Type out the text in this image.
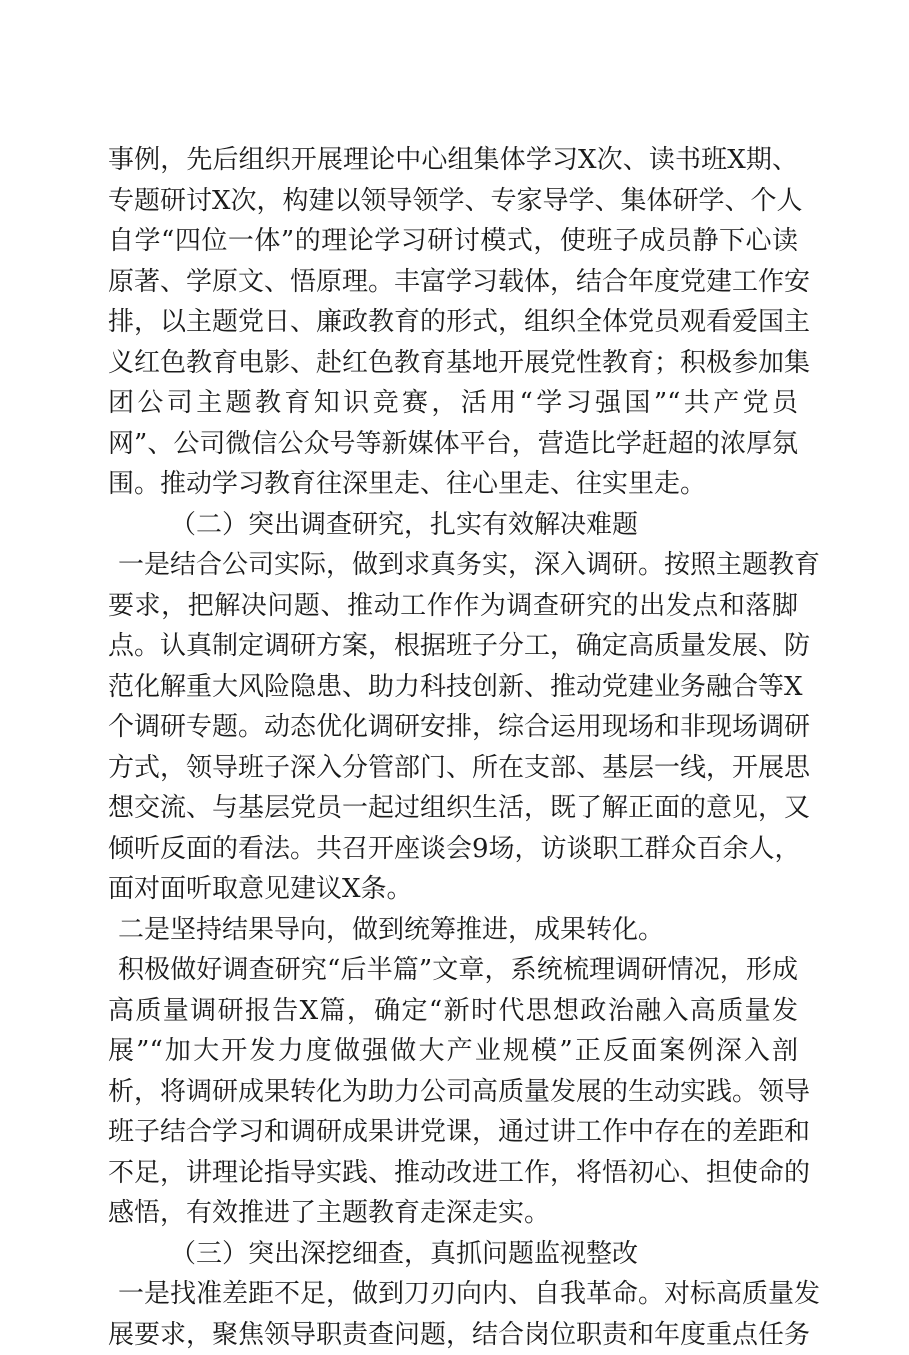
事例，先后组织开展理论中心组集体学习X次、读书班X期、
专题研讨X次，构建以领导领学、专家导学、集体研学、个人
自学“四位一体”的理论学习研讨模式，使班子成员静下心读
原著、学原文、悟原理。丰富学习载体，结合年度党建工作安
排，以主题党日、廉政教育的形式，组织全体党员观看爱国主
义红色教育电影、赴红色教育基地开展党性教育；积极参加集
团公司主题教育知识竞赛，活用“学习强国”“共产党员
网”、公司微信公众号等新媒体平台，营造比学赶超的浓厚氛
围。推动学习教育往深里走、往心里走、往实里走。
（二）突出调查研究，扎实有效解决难题
一是结合公司实际，做到求真务实，深入调研。按照主题教育
要求，把解决问题、推动工作作为调查研究的出发点和落脚
点。认真制定调研方案，根据班子分工，确定高质量发展、防
范化解重大风险隐患、助力科技创新、推动党建业务融合等X
个调研专题。动态优化调研安排，综合运用现场和非现场调研
方式，领导班子深入分管部门、所在支部、基层一线，开展思
想交流、与基层党员一起过组织生活，既了解正面的意见，又
倾听反面的看法。共召开座谈会9场，访谈职工群众百余人，
面对面听取意见建议X条。
二是坚持结果导向，做到统筹推进，成果转化。
积极做好调查研究“后半篇”文章，系统梳理调研情况，形成
高质量调研报告X篇，确定“新时代思想政治融入高质量发
展”“加大开发力度做强做大产业规模”正反面案例深入剖
析，将调研成果转化为助力公司高质量发展的生动实践。领导
班子结合学习和调研成果讲党课，通过讲工作中存在的差距和
不足，讲理论指导实践、推动改进工作，将悟初心、担使命的
感悟，有效推进了主题教育走深走实。
（三）突出深挖细查，真抓问题监视整改
一是找准差距不足，做到刀刃向内、自我革命。对标高质量发
展要求，聚焦领导职责查问题，结合岗位职责和年度重点任务
